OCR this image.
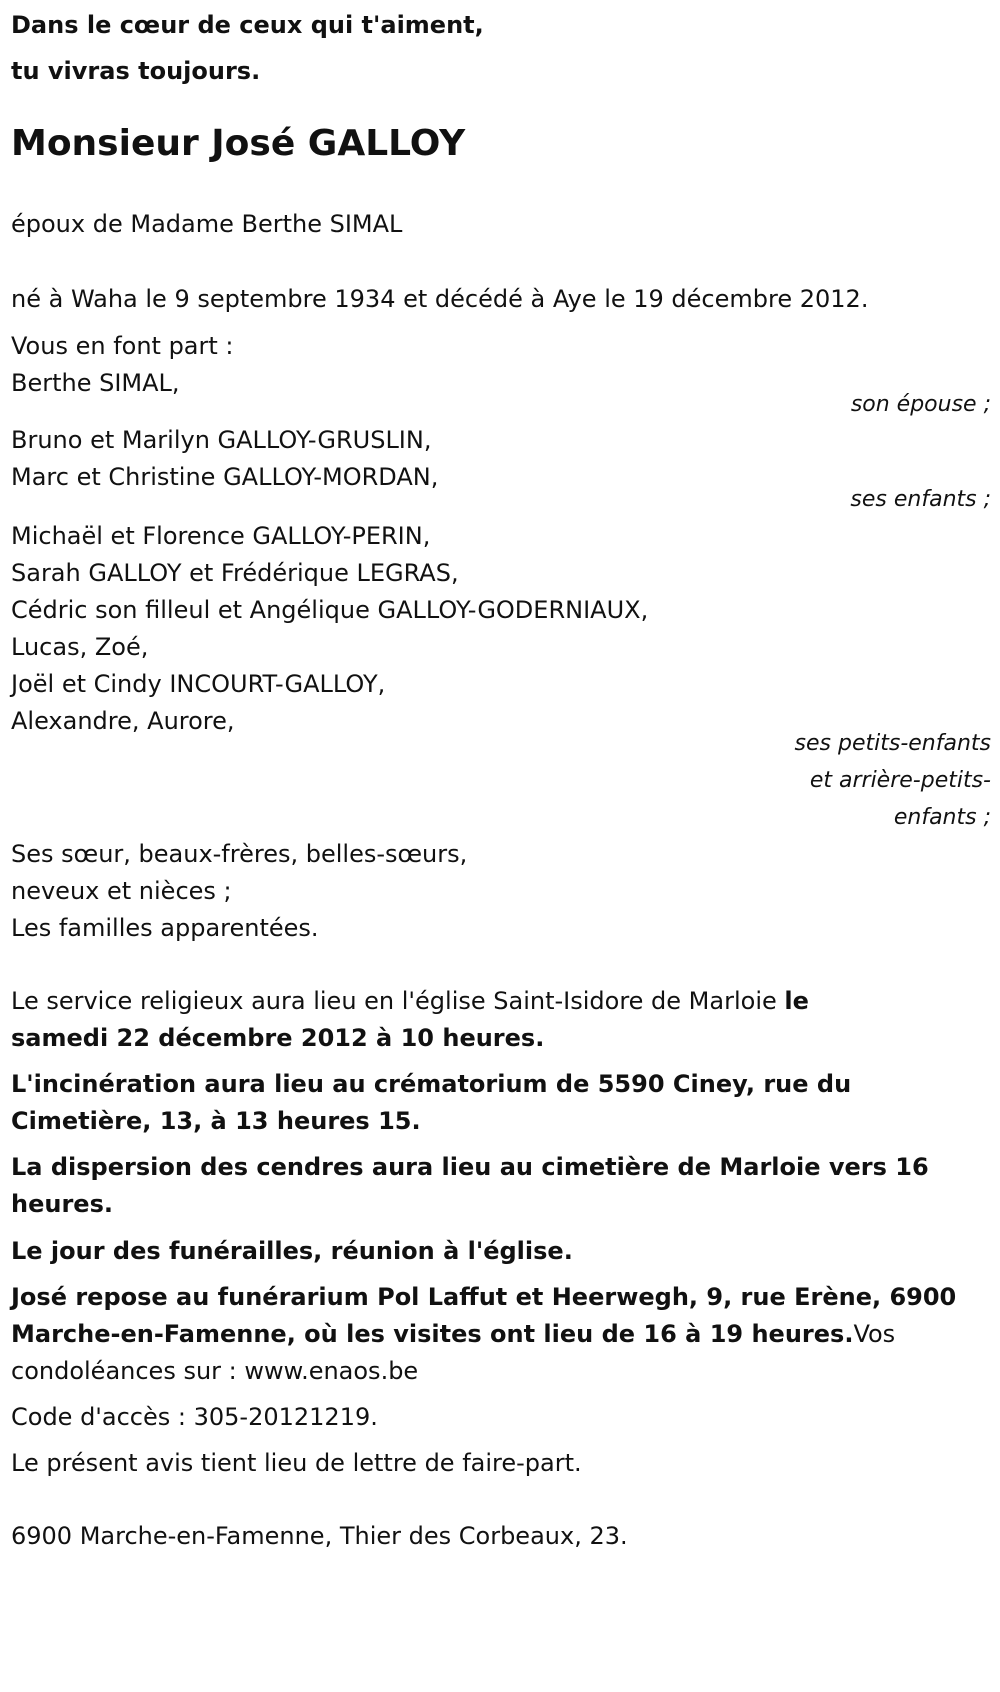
Dans le cœur de ceux qui t'aiment,
tu vivras toujours.
Monsieur José GALLOY
époux de Madame Berthe SIMAL
né à Waha le 9 septembre 1934 et décédé à Aye le 19 décembre 2012.
Vous en font part :
Berthe SIMAL,
son épouse ;
Bruno et Marilyn GALLOY-GRUSLIN,
Marc et Christine GALLOY-MORDAN,
ses enfants ;
Michaël et Florence GALLOY-PERIN,
Sarah GALLOY et Frédérique LEGRAS,
Cédric son filleul et Angélique GALLOY-GODERNIAUX,
Lucas, Zoé,
Joël et Cindy INCOURT-GALLOY,
Alexandre, Aurore,
ses petits-enfants
et arrière-petits-
enfants ;
Ses sœur, beaux-frères, belles-sœurs,
neveux et nièces ;
Les familles apparentées.
Le service religieux aura lieu en l'église Saint-Isidore de Marloie le
samedi 22 décembre 2012 à 10 heures.
L'incinération aura lieu au crématorium de 5590 Ciney, rue du
Cimetière, 13, à 13 heures 15.
La dispersion des cendres aura lieu au cimetière de Marloie vers 16
heures.
Le jour des funérailles, réunion à l'église.
José repose au funérarium Pol Laffut et Heerwegh, 9, rue Erène, 6900
Marche-en-Famenne, où les visites ont lieu de 16 à 19 heures.Vos
condoléances sur : www.enaos.be
Code d'accès : 305-20121219.
Le présent avis tient lieu de lettre de faire-part.
6900 Marche-en-Famenne, Thier des Corbeaux, 23.
